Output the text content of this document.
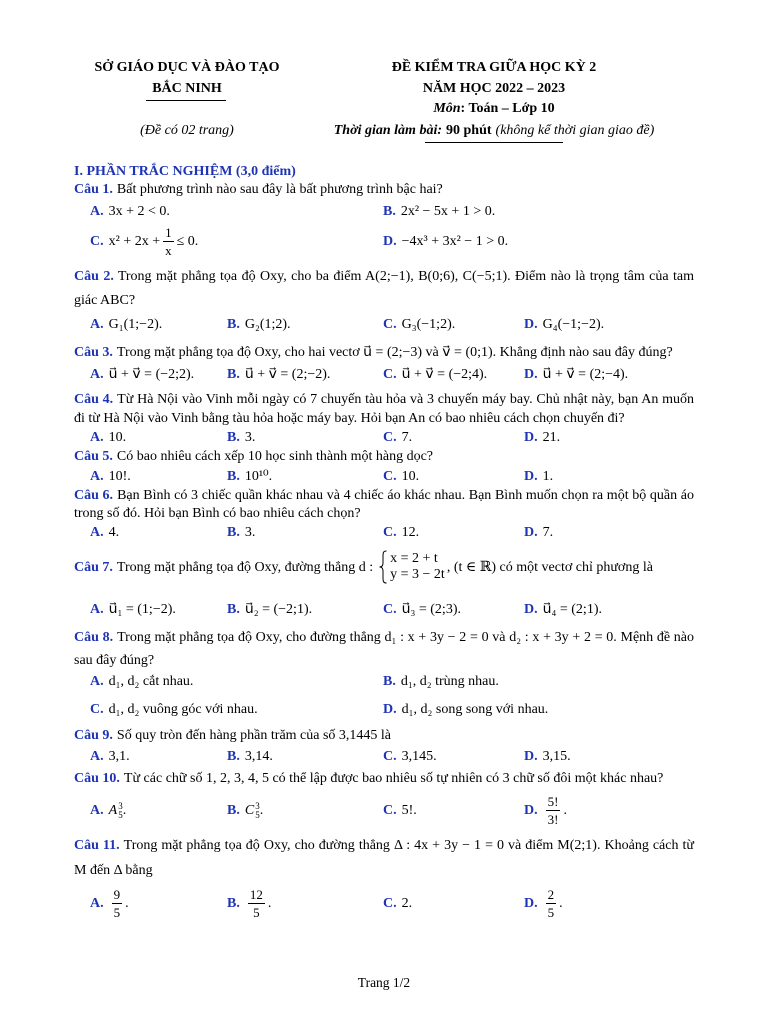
SỞ GIÁO DỤC VÀ ĐÀO TẠO
BẮC NINH
(Đề có 02 trang)
ĐỀ KIỂM TRA GIỮA HỌC KỲ 2
NĂM HỌC 2022 – 2023
Môn: Toán – Lớp 10
Thời gian làm bài: 90 phút (không kể thời gian giao đề)
I. PHẦN TRẮC NGHIỆM (3,0 điểm)
Câu 1. Bất phương trình nào sau đây là bất phương trình bậc hai?
A. 3x + 2 < 0.	B. 2x² − 5x + 1 > 0.
C. $x^2 + 2x + \frac{1}{x} \le 0$.	D. −4x³ + 3x² − 1 > 0.
Câu 2. Trong mặt phẳng tọa độ Oxy, cho ba điểm A(2;−1), B(0;6), C(−5;1). Điểm nào là trọng tâm của tam giác ABC?
A. G₁(1;−2).	B. G₂(1;2).	C. G₃(−1;2).	D. G₄(−1;−2).
Câu 3. Trong mặt phẳng tọa độ Oxy, cho hai vectơ u⃗ = (2;−3) và v⃗ = (0;1). Khẳng định nào sau đây đúng?
A. u⃗ + v⃗ = (−2;2). B. u⃗ + v⃗ = (2;−2).	C. u⃗ + v⃗ = (−2;4).	D. u⃗ + v⃗ = (2;−4).
Câu 4. Từ Hà Nội vào Vinh mỗi ngày có 7 chuyến tàu hỏa và 3 chuyến máy bay. Chủ nhật này, bạn An muốn đi từ Hà Nội vào Vinh bằng tàu hỏa hoặc máy bay. Hỏi bạn An có bao nhiêu cách chọn chuyến đi?
A. 10.	B. 3.	C. 7.	D. 21.
Câu 5. Có bao nhiêu cách xếp 10 học sinh thành một hàng dọc?
A. 10!.	B. 10¹⁰.	C. 10.	D. 1.
Câu 6. Bạn Bình có 3 chiếc quần khác nhau và 4 chiếc áo khác nhau. Bạn Bình muốn chọn ra một bộ quần áo trong số đó. Hỏi bạn Bình có bao nhiêu cách chọn?
A. 4.	B. 3.	C. 12.	D. 7.
Câu 7. Trong mặt phẳng tọa độ Oxy, đường thẳng d :
x = 2 + t
y = 3 − 2t , (t ∈ ℝ) có một vectơ chỉ phương là
A. u⃗₁ = (1;−2).	B. u⃗₂ = (−2;1).	C. u⃗₃ = (2;3).	D. u⃗₄ = (2;1).
Câu 8. Trong mặt phẳng tọa độ Oxy, cho đường thẳng d₁ : x + 3y − 2 = 0 và d₂ : x + 3y + 2 = 0. Mệnh đề nào sau đây đúng?
A. d₁, d₂ cắt nhau.	B. d₁, d₂ trùng nhau.
C. d₁, d₂ vuông góc với nhau.	D. d₁, d₂ song song với nhau.
Câu 9. Số quy tròn đến hàng phần trăm của số 3,1445 là
A. 3,1.	B. 3,14.	C. 3,145.	D. 3,15.
Câu 10. Từ các chữ số 1, 2, 3, 4, 5 có thể lập được bao nhiêu số tự nhiên có 3 chữ số đôi một khác nhau?
A. A 3
5 .	B. C 3
5 .	C. 5!.	D. $\frac{5!}{3!}$ .
Câu 11. Trong mặt phẳng tọa độ Oxy, cho đường thẳng Δ : 4x + 3y − 1 = 0 và điểm M(2;1). Khoảng cách từ M đến Δ bằng
A. $\frac{9}{5}$ .	B. $\frac{12}{5}$ .	C. 2.	D. $\frac{2}{5}$ .
Trang 1/2
